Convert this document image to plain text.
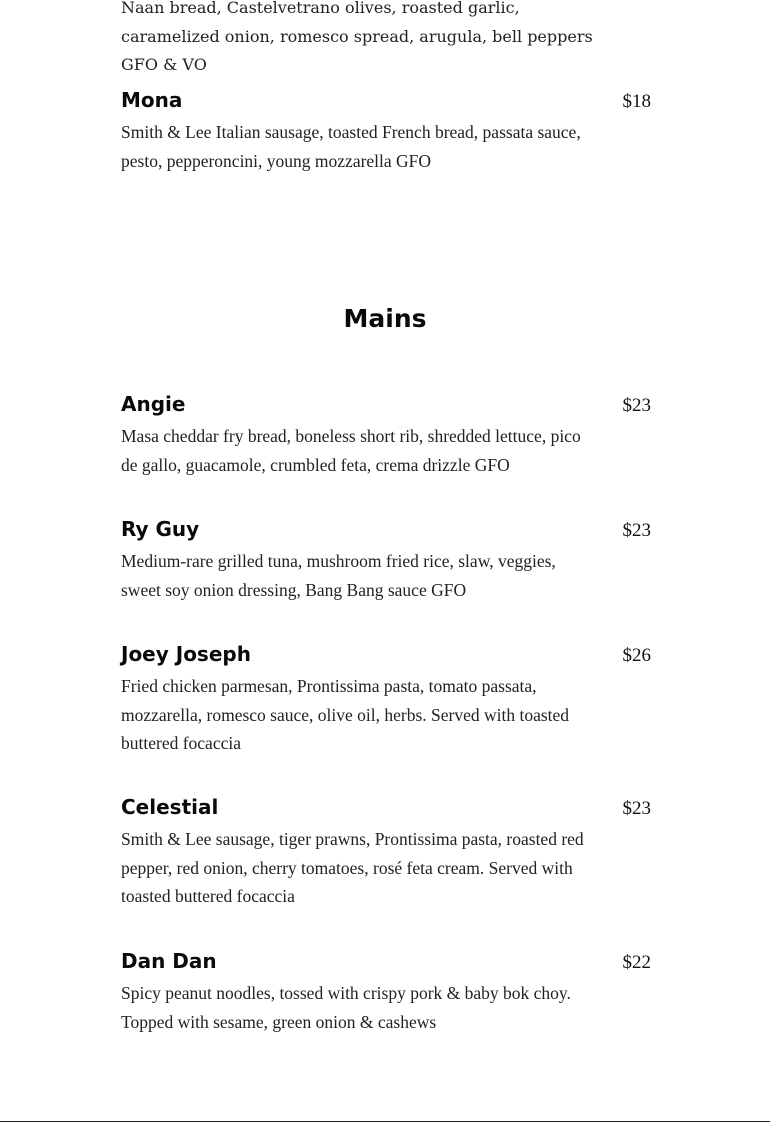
Naan bread, Castelvetrano olives, roasted garlic, caramelized onion, romesco spread, arugula, bell peppers GFO & VO

Mona	$18

Smith & Lee Italian sausage, toasted French bread, passata sauce, pesto, pepperoncini, young mozzarella GFO

Mains
Angie	$23

Masa cheddar fry bread, boneless short rib, shredded lettuce, pico de gallo, guacamole, crumbled feta, crema drizzle GFO

Ry Guy	$23

Medium-rare grilled tuna, mushroom fried rice, slaw, veggies, sweet soy onion dressing, Bang Bang sauce GFO

Joey Joseph	$26

Fried chicken parmesan, Prontissima pasta, tomato passata, mozzarella, romesco sauce, olive oil, herbs. Served with toasted buttered focaccia

Celestial	$23

Smith & Lee sausage, tiger prawns, Prontissima pasta, roasted red pepper, red onion, cherry tomatoes, rosé feta cream. Served with toasted buttered focaccia

Dan Dan	$22

Spicy peanut noodles, tossed with crispy pork & baby bok choy. Topped with sesame, green onion & cashews
